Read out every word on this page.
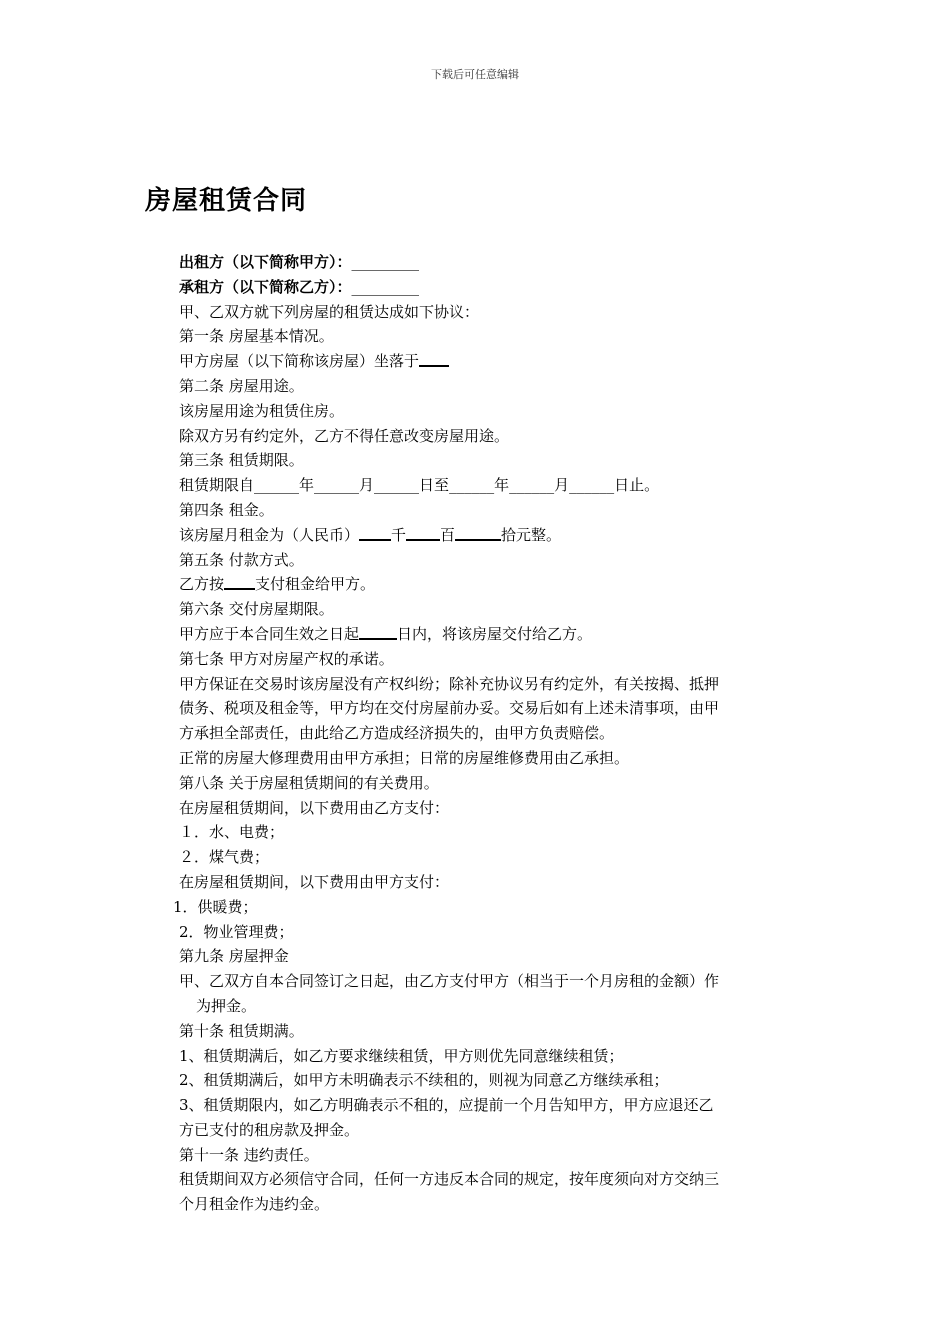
下载后可任意编辑
房屋租赁合同
出租方（以下简称甲方）：_________
承租方（以下简称乙方）：_________
甲、乙双方就下列房屋的租赁达成如下协议：
第一条 房屋基本情况。
甲方房屋（以下简称该房屋）坐落于
第二条 房屋用途。
该房屋用途为租赁住房。
除双方另有约定外，乙方不得任意改变房屋用途。
第三条 租赁期限。
租赁期限自______年______月______日至______年______月______日止。
第四条 租金。
该房屋月租金为（人民币） 千 百	拾元整。
第五条 付款方式。
乙方按 支付租金给甲方。
第六条 交付房屋期限。
甲方应于本合同生效之日起	日内，将该房屋交付给乙方。
第七条 甲方对房屋产权的承诺。
甲方保证在交易时该房屋没有产权纠纷；除补充协议另有约定外，有关按揭、抵押
债务、税项及租金等，甲方均在交付房屋前办妥。交易后如有上述未清事项，由甲
方承担全部责任，由此给乙方造成经济损失的，由甲方负责赔偿。
正常的房屋大修理费用由甲方承担；日常的房屋维修费用由乙承担。
第八条 关于房屋租赁期间的有关费用。
在房屋租赁期间，以下费用由乙方支付：
１．水、电费；
２．煤气费；
在房屋租赁期间，以下费用由甲方支付：
1．供暖费；
2．物业管理费；
第九条 房屋押金
甲、乙双方自本合同签订之日起，由乙方支付甲方（相当于一个月房租的金额）作
为押金。
第十条 租赁期满。
1、租赁期满后，如乙方要求继续租赁，甲方则优先同意继续租赁；
2、租赁期满后，如甲方未明确表示不续租的，则视为同意乙方继续承租；
3、租赁期限内，如乙方明确表示不租的，应提前一个月告知甲方，甲方应退还乙
方已支付的租房款及押金。
第十一条 违约责任。
租赁期间双方必须信守合同，任何一方违反本合同的规定，按年度须向对方交纳三
个月租金作为违约金。
